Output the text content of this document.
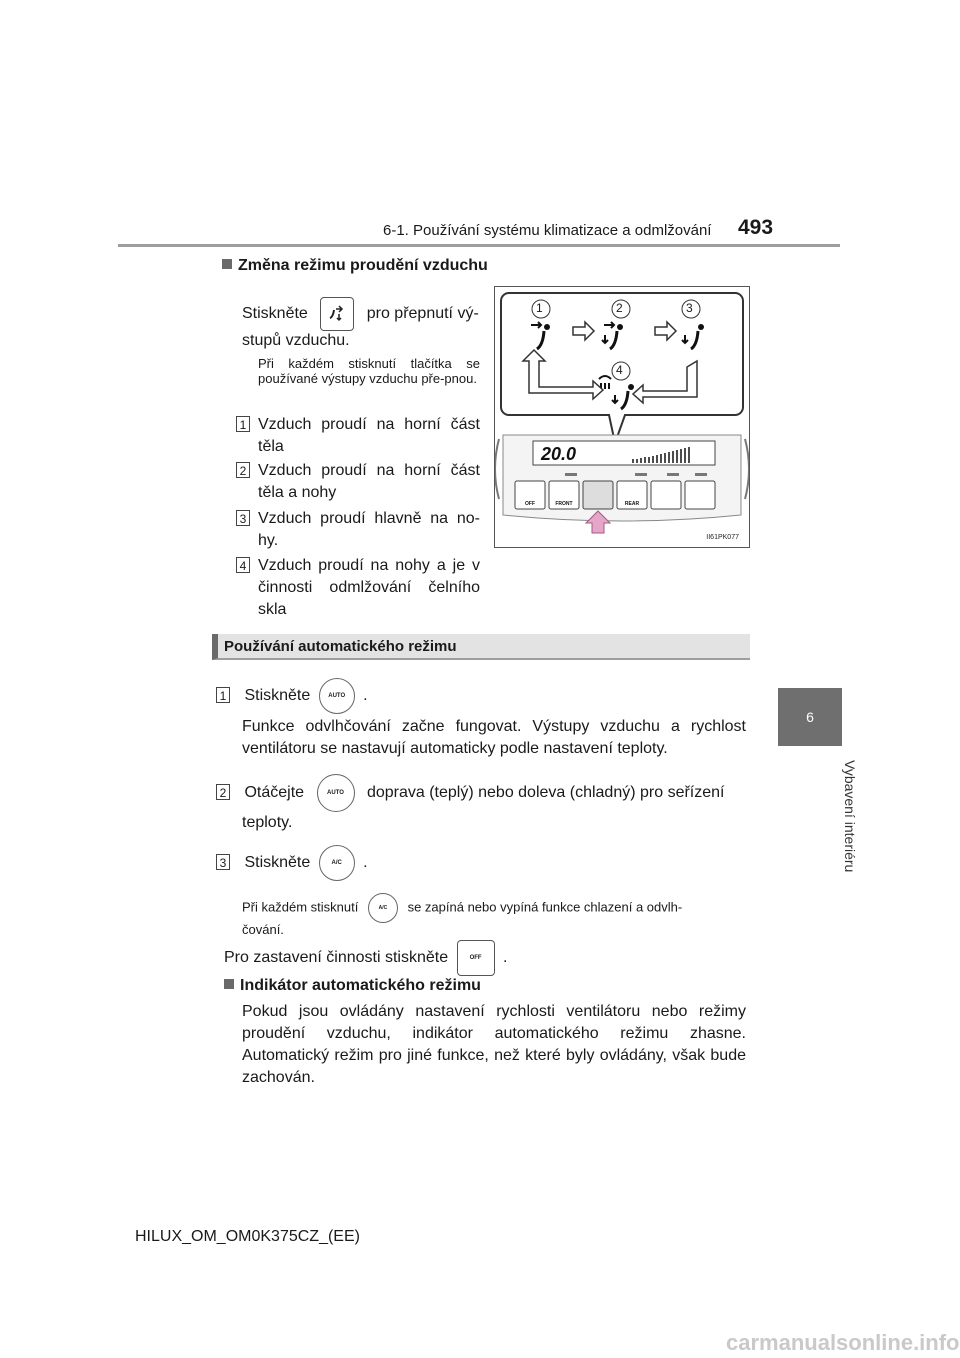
6-1. Používání systému klimatizace a odmlžování 493
6
Vybavení interiéru
Změna režimu proudění vzduchu
Stiskněte	pro přepnutí vý-
stupů vzduchu.
Při každém stisknutí tlačítka se používané výstupy vzduchu pře-pnou.
1 Vzduch proudí na horní část těla
2 Vzduch proudí na horní část těla a nohy
3 Vzduch proudí hlavně na no-hy.
4 Vzduch proudí na nohy a je v činnosti odmlžování čelního skla
20.0
OFF	FRONT	REAR
II61PK077
1	2	3
4
Používání automatického režimu
1 Stiskněte	AUTO .
Funkce odvlhčování začne fungovat. Výstupy vzduchu a rychlost ventilátoru se nastavují automaticky podle nastavení teploty.
2 Otáčejte	AUTO doprava (teplý) nebo doleva (chladný) pro seřízení
teploty.
3 Stiskněte	A/C .
Při každém stisknutí	A/C se zapíná nebo vypíná funkce chlazení a odvlh-
čování.
Pro zastavení činnosti stiskněte	OFF	.
Indikátor automatického režimu
Pokud jsou ovládány nastavení rychlosti ventilátoru nebo režimy proudění vzduchu, indikátor automatického režimu zhasne. Automatický režim pro jiné funkce, než které byly ovládány, však bude zachován.
HILUX_OM_OM0K375CZ_(EE)
carmanualsonline.info
